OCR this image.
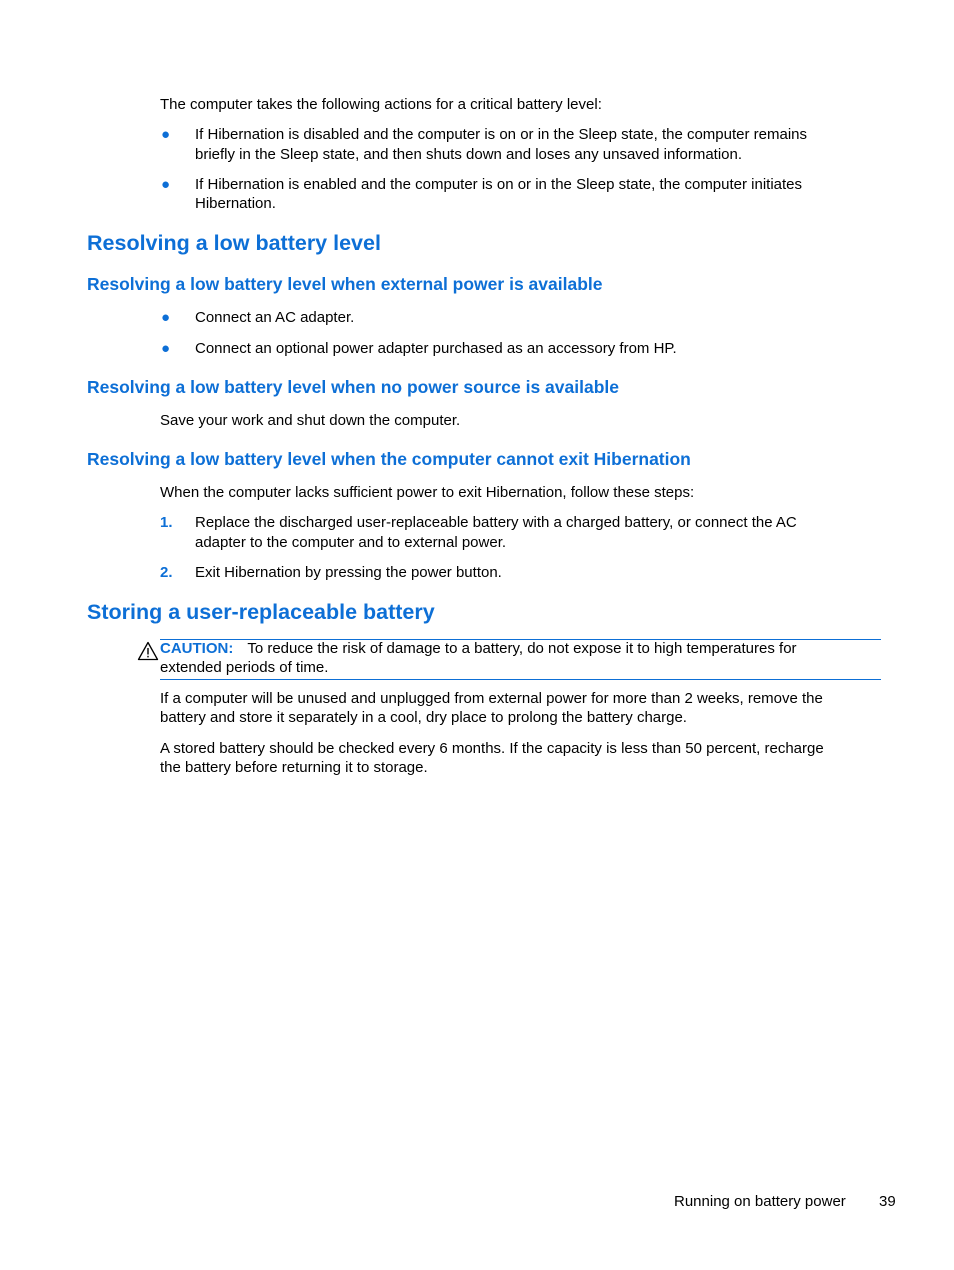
The computer takes the following actions for a critical battery level:
● If Hibernation is disabled and the computer is on or in the Sleep state, the computer remains
briefly in the Sleep state, and then shuts down and loses any unsaved information.
● If Hibernation is enabled and the computer is on or in the Sleep state, the computer initiates
Hibernation.
Resolving a low battery level
Resolving a low battery level when external power is available
● Connect an AC adapter.
● Connect an optional power adapter purchased as an accessory from HP.
Resolving a low battery level when no power source is available
Save your work and shut down the computer.
Resolving a low battery level when the computer cannot exit Hibernation
When the computer lacks sufficient power to exit Hibernation, follow these steps:
1. Replace the discharged user-replaceable battery with a charged battery, or connect the AC
adapter to the computer and to external power.
2. Exit Hibernation by pressing the power button.
Storing a user-replaceable battery
CAUTION: To reduce the risk of damage to a battery, do not expose it to high temperatures for
extended periods of time.
If a computer will be unused and unplugged from external power for more than 2 weeks, remove the
battery and store it separately in a cool, dry place to prolong the battery charge.
A stored battery should be checked every 6 months. If the capacity is less than 50 percent, recharge
the battery before returning it to storage.
Running on battery power 39
